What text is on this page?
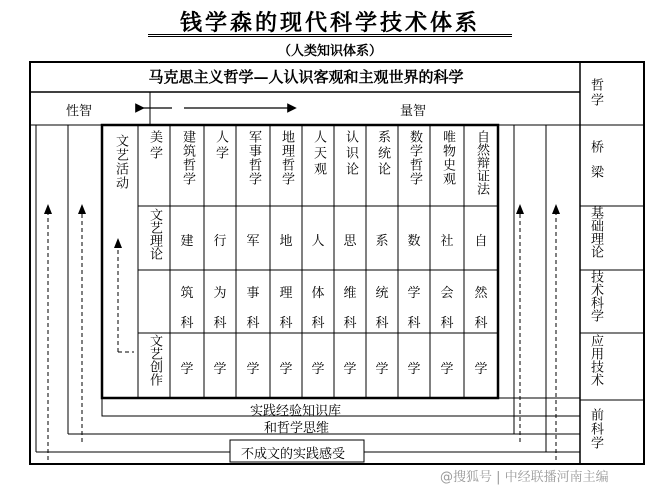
钱学森的现代科学技术体系
（人类知识体系）
马克思主义哲学—人认识客观和主观世界的科学
性智	量智
哲学
桥梁
基础理论
技术科学
应用技术
前科学
文艺活动
文艺理论
文艺创作
美学 建筑哲学
建
筑
科
学
人学
行
为
科
学
军事哲学
军
事
科
学
地理哲学
地
理
科
学
人天观
人
体
科
学
认识论
思
维
科
学
系统论
系
统
科
学
数学哲学
数
学
科
学
唯物史观
社
会
科
学
自然辩证法
自
然
科
学
实践经验知识库
和哲学思维
不成文的实践感受
@搜狐号 | 中经联播河南主编
